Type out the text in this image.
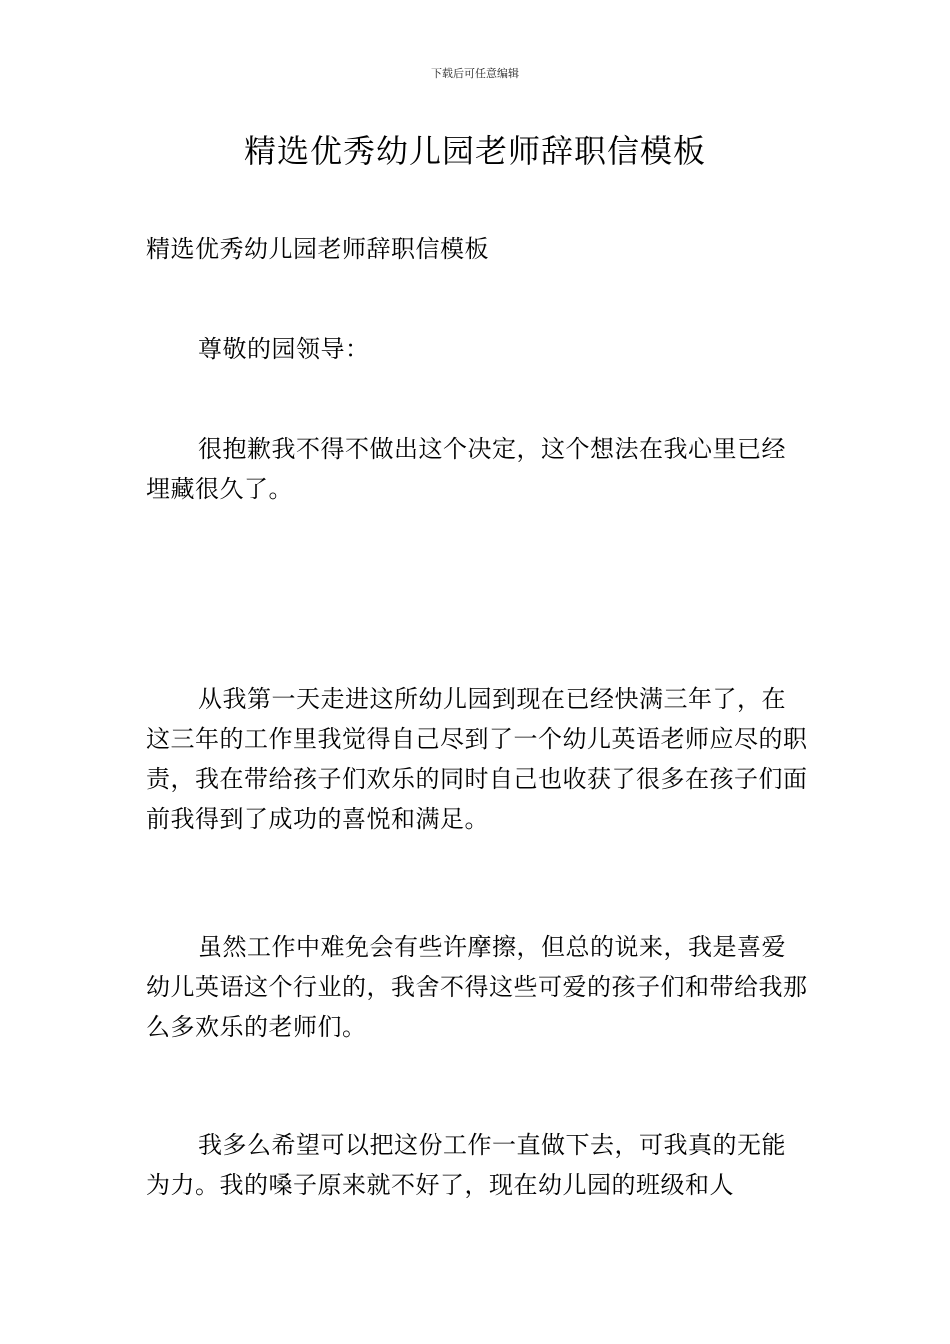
下载后可任意编辑
精选优秀幼儿园老师辞职信模板

精选优秀幼儿园老师辞职信模板

尊敬的园领导：

很抱歉我不得不做出这个决定，这个想法在我心里已经埋藏很久了。

从我第一天走进这所幼儿园到现在已经快满三年了，在这三年的工作里我觉得自己尽到了一个幼儿英语老师应尽的职责，我在带给孩子们欢乐的同时自己也收获了很多在孩子们面前我得到了成功的喜悦和满足。

虽然工作中难免会有些许摩擦，但总的说来，我是喜爱幼儿英语这个行业的，我舍不得这些可爱的孩子们和带给我那么多欢乐的老师们。

我多么希望可以把这份工作一直做下去，可我真的无能为力。我的嗓子原来就不好了，现在幼儿园的班级和人
